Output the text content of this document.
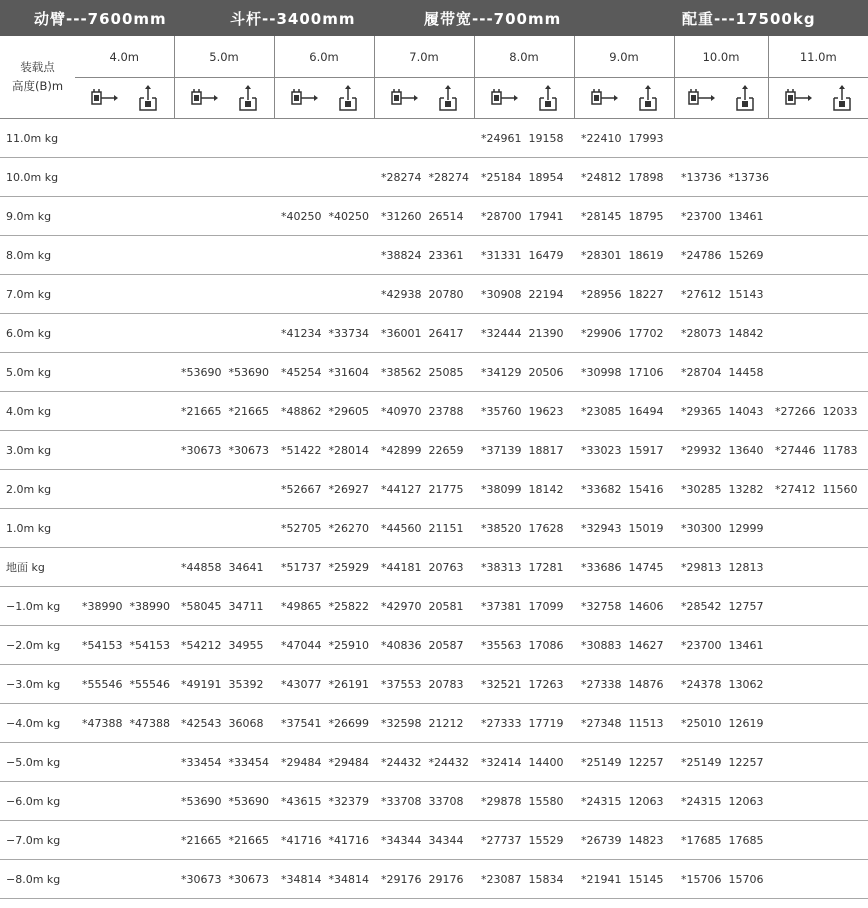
动臂---7600mm	斗杆--3400mm	履带宽---700mm	配重---17500kg
装载点
高度(B)m	4.0m	5.0m	6.0m	7.0m	8.0m	9.0m	10.0m	11.0m

11.0m kg					*24961 19158	*22410 17993		
10.0m kg				*28274 *28274	*25184 18954	*24812 17898	*13736 *13736	
9.0m kg			*40250 *40250	*31260 26514	*28700 17941	*28145 18795	*23700 13461	
8.0m kg				*38824 23361	*31331 16479	*28301 18619	*24786 15269	
7.0m kg				*42938 20780	*30908 22194	*28956 18227	*27612 15143	
6.0m kg			*41234 *33734	*36001 26417	*32444 21390	*29906 17702	*28073 14842	
5.0m kg		*53690 *53690	*45254 *31604	*38562 25085	*34129 20506	*30998 17106	*28704 14458	
4.0m kg		*21665 *21665	*48862 *29605	*40970 23788	*35760 19623	*23085 16494	*29365 14043	*27266 12033
3.0m kg		*30673 *30673	*51422 *28014	*42899 22659	*37139 18817	*33023 15917	*29932 13640	*27446 11783
2.0m kg			*52667 *26927	*44127 21775	*38099 18142	*33682 15416	*30285 13282	*27412 11560
1.0m kg			*52705 *26270	*44560 21151	*38520 17628	*32943 15019	*30300 12999	
地面 kg		*44858 34641	*51737 *25929	*44181 20763	*38313 17281	*33686 14745	*29813 12813	
−1.0m kg	*38990 *38990	*58045 34711	*49865 *25822	*42970 20581	*37381 17099	*32758 14606	*28542 12757	
−2.0m kg	*54153 *54153	*54212 34955	*47044 *25910	*40836 20587	*35563 17086	*30883 14627	*23700 13461	
−3.0m kg	*55546 *55546	*49191 35392	*43077 *26191	*37553 20783	*32521 17263	*27338 14876	*24378 13062	
−4.0m kg	*47388 *47388	*42543 36068	*37541 *26699	*32598 21212	*27333 17719	*27348 11513	*25010 12619	
−5.0m kg		*33454 *33454	*29484 *29484	*24432 *24432	*32414 14400	*25149 12257	*25149 12257	
−6.0m kg		*53690 *53690	*43615 *32379	*33708 33708	*29878 15580	*24315 12063	*24315 12063	
−7.0m kg		*21665 *21665	*41716 *41716	*34344 34344	*27737 15529	*26739 14823	*17685 17685	
−8.0m kg		*30673 *30673	*34814 *34814	*29176 29176	*23087 15834	*21941 15145	*15706 15706	
